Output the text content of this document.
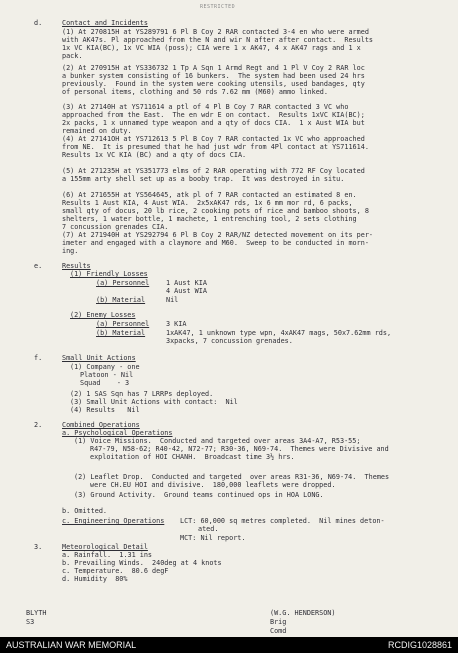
RESTRICTED
d.	Contact and Incidents
(1) At 270815H at YS289791 6 Pl B Coy 2 RAR contacted 3-4 en who were armed
with AK47s. Pl approached from the N and wir N after after contact.  Results
1x VC KIA(BC), 1x VC WIA (poss); CIA were 1 x AK47, 4 x AK47 rags and 1 x
pack.
(2) At 270915H at YS336732 1 Tp A Sqn 1 Armd Regt and 1 Pl V Coy 2 RAR loc
a bunker system consisting of 16 bunkers.  The system had been used 24 hrs
previously.  Found in the system were cooking utensils, used bandages, qty
of personal items, clothing and 50 rds 7.62 mm (M60) ammo linked.
(3) At 27140H at YS711614 a ptl of 4 Pl B Coy 7 RAR contacted 3 VC who
approached from the East.  The en wdr E on contact.  Results 1xVC KIA(BC);
2x packs, 1 x unnamed type weapon and a qty of docs CIA.  1 x Aust WIA but
remained on duty.
(4) At 27141OH at YS712613 5 Pl B Coy 7 RAR contacted 1x VC who approached
from NE.  It is presumed that he had just wdr from 4Pl contact at YS711614.
Results 1x VC KIA (BC) and a qty of docs CIA.
(5) At 271235H at YS351773 elms of 2 RAR operating with 772 RF Coy located
a 155mm arty shell set up as a booby trap.  It was destroyed in situ.
(6) At 271655H at YS564645, atk pl of 7 RAR contacted an estimated 8 en.
Results 1 Aust KIA, 4 Aust WIA.  2x5xAK47 rds, 1x 6 mm mor rd, 6 packs,
small qty of docus, 20 lb rice, 2 cooking pots of rice and bamboo shoots, 8
shelters, 1 water bottle, 1 machete, 1 entrenching tool, 2 sets clothing
7 concussion grenades CIA.
(7) At 271940H at YS292794 6 Pl B Coy 2 RAR/NZ detected movement on its per-
imeter and engaged with a claymore and M60.  Sweep to be conducted in morn-
ing.
e.	Results
(1) Friendly Losses
(a) Personnel 1 Aust KIA
4 Aust WIA
(b) Material	Nil
(2) Enemy Losses
(a) Personnel 3 KIA
(b) Material	1xAK47, 1 unknown type wpn, 4xAK47 mags, 50x7.62mm rds,
3xpacks, 7 concussion grenades.
f.	Small Unit Actions
(1) Company - one
Platoon - Nil
Squad    - 3
(2) 1 SAS Sqn has 7 LRRPs deployed.
(3) Small Unit Actions with contact:  Nil
(4) Results   Nil
2.	Combined Operations
a. Psychological Operations
(1) Voice Missions.  Conducted and targeted over areas 3A4-A7, R53-55;
R47-79, N58-62; R40-42, N72-77; R30-36, N69-74.  Themes were Divisive and
exploitation of HOI CHANH.  Broadcast time 3½ hrs.
(2) Leaflet Drop.  Conducted and targeted  over areas R31-36, N69-74.  Themes
were CH.EU HOI and divisive.  180,000 leaflets were dropped.
(3) Ground Activity.  Ground teams continued ops in HOA LONG.
b. Omitted.
c. Engineering Operations LCT: 60,000 sq metres completed.  Nil mines deton-
ated.
MCT: Nil report.
3.	Meteorological Detail
a. Rainfall.  1.31 ins
b. Prevailing Winds.  240deg at 4 knots
c. Temperature.  80.6 degF
d. Humidity  80%
BLYTH
S3
(W.G. HENDERSON)
Brig
Comd
AUSTRALIAN WAR MEMORIAL	RCDIG1028861
